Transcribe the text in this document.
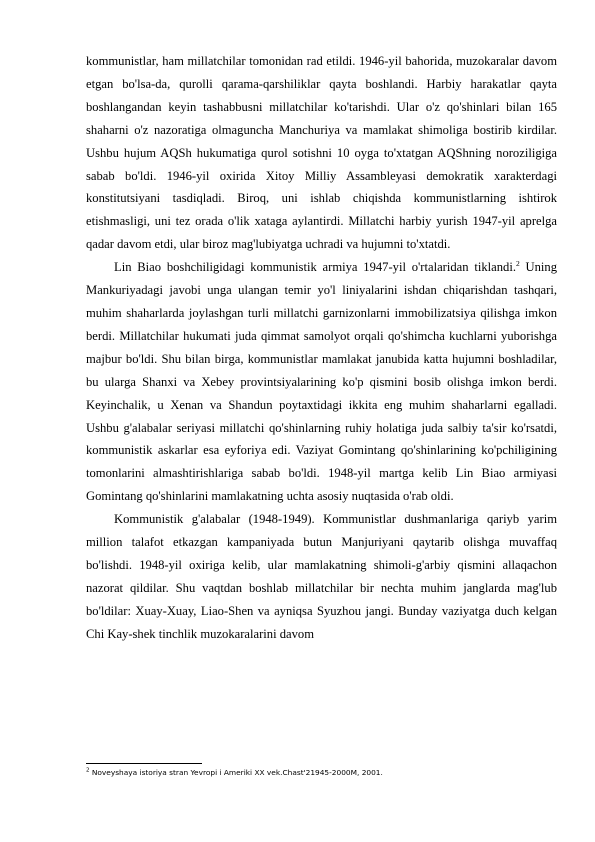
kommunistlar, ham millatchilar tomonidan rad etildi. 1946-yil bahorida, muzokaralar davom etgan bo'lsa-da, qurolli qarama-qarshiliklar qayta boshlandi. Harbiy harakatlar qayta boshlangandan keyin tashabbusni millatchilar ko'tarishdi. Ular o'z qo'shinlari bilan 165 shaharni o'z nazoratiga olmaguncha Manchuriya va mamlakat shimoliga bostirib kirdilar. Ushbu hujum AQSh hukumatiga qurol sotishni 10 oyga to'xtatgan AQShning noroziligiga sabab bo'ldi. 1946-yil oxirida Xitoy Milliy Assambleyasi demokratik xarakterdagi konstitutsiyani tasdiqladi. Biroq, uni ishlab chiqishda kommunistlarning ishtirok etishmasligi, uni tez orada o'lik xataga aylantirdi. Millatchi harbiy yurish 1947-yil aprelga qadar davom etdi, ular biroz mag'lubiyatga uchradi va hujumni to'xtatdi.

Lin Biao boshchiligidagi kommunistik armiya 1947-yil o'rtalaridan tiklandi.$^2$ Uning Mankuriyadagi javobi unga ulangan temir yo'l liniyalarini ishdan chiqarishdan tashqari, muhim shaharlarda joylashgan turli millatchi garnizonlarni immobilizatsiya qilishga imkon berdi. Millatchilar hukumati juda qimmat samolyot orqali qo'shimcha kuchlarni yuborishga majbur bo'ldi. Shu bilan birga, kommunistlar mamlakat janubida katta hujumni boshladilar, bu ularga Shanxi va Xebey provintsiyalarining ko'p qismini bosib olishga imkon berdi. Keyinchalik, u Xenan va Shandun poytaxtidagi ikkita eng muhim shaharlarni egalladi. Ushbu g'alabalar seriyasi millatchi qo'shinlarning ruhiy holatiga juda salbiy ta'sir ko'rsatdi, kommunistik askarlar esa eyforiya edi. Vaziyat Gomintang qo'shinlarining ko'pchiligining tomonlarini almashtirishlariga sabab bo'ldi. 1948-yil martga kelib Lin Biao armiyasi Gomintang qo'shinlarini mamlakatning uchta asosiy nuqtasida o'rab oldi.

Kommunistik g'alabalar (1948-1949). Kommunistlar dushmanlariga qariyb yarim million talafot etkazgan kampaniyada butun Manjuriyani qaytarib olishga muvaffaq bo'lishdi. 1948-yil oxiriga kelib, ular mamlakatning shimoli-g'arbiy qismini allaqachon nazorat qildilar. Shu vaqtdan boshlab millatchilar bir nechta muhim janglarda mag'lub bo'ldilar: Xuay-Xuay, Liao-Shen va ayniqsa Syuzhou jangi. Bunday vaziyatga duch kelgan Chi Kay-shek tinchlik muzokaralarini davom

$^2$ Noveyshaya istoriya stran Yevropi i Ameriki XX vek.Chast'21945-2000M, 2001.
